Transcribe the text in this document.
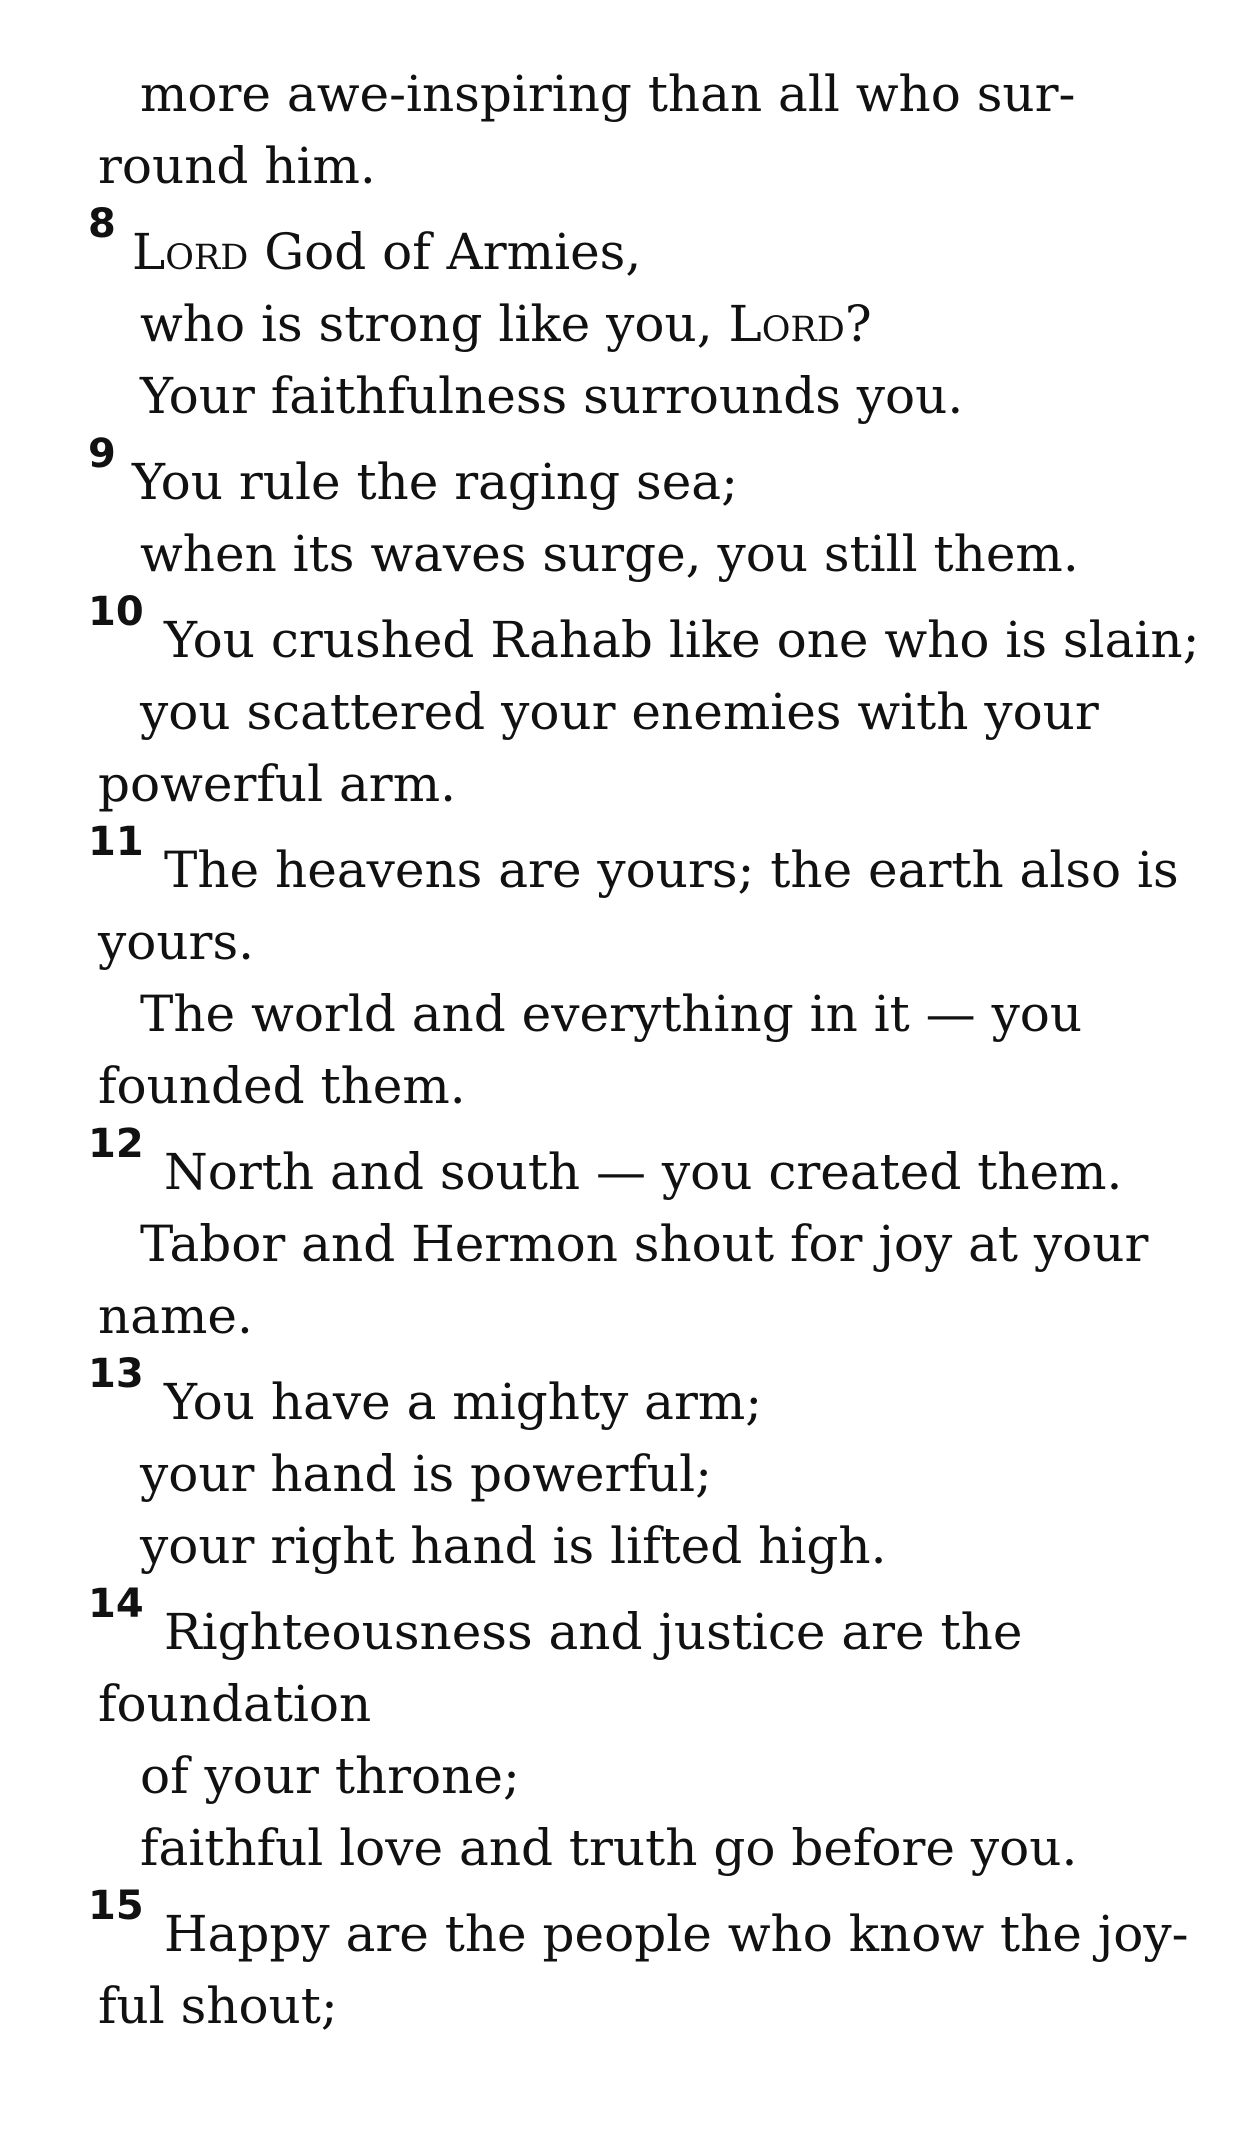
more awe-inspiring than all who sur-
round him.
8 Lord God of Armies,
who is strong like you, Lord?
Your faithfulness surrounds you.
9 You rule the raging sea;
when its waves surge, you still them.
10 You crushed Rahab like one who is slain;
you scattered your enemies with your
powerful arm.
11 The heavens are yours; the earth also is
yours.
The world and everything in it — you
founded them.
12 North and south — you created them.
Tabor and Hermon shout for joy at your
name.
13 You have a mighty arm;
your hand is powerful;
your right hand is lifted high.
14 Righteousness and justice are the
foundation
of your throne;
faithful love and truth go before you.
15 Happy are the people who know the joy-
ful shout;
